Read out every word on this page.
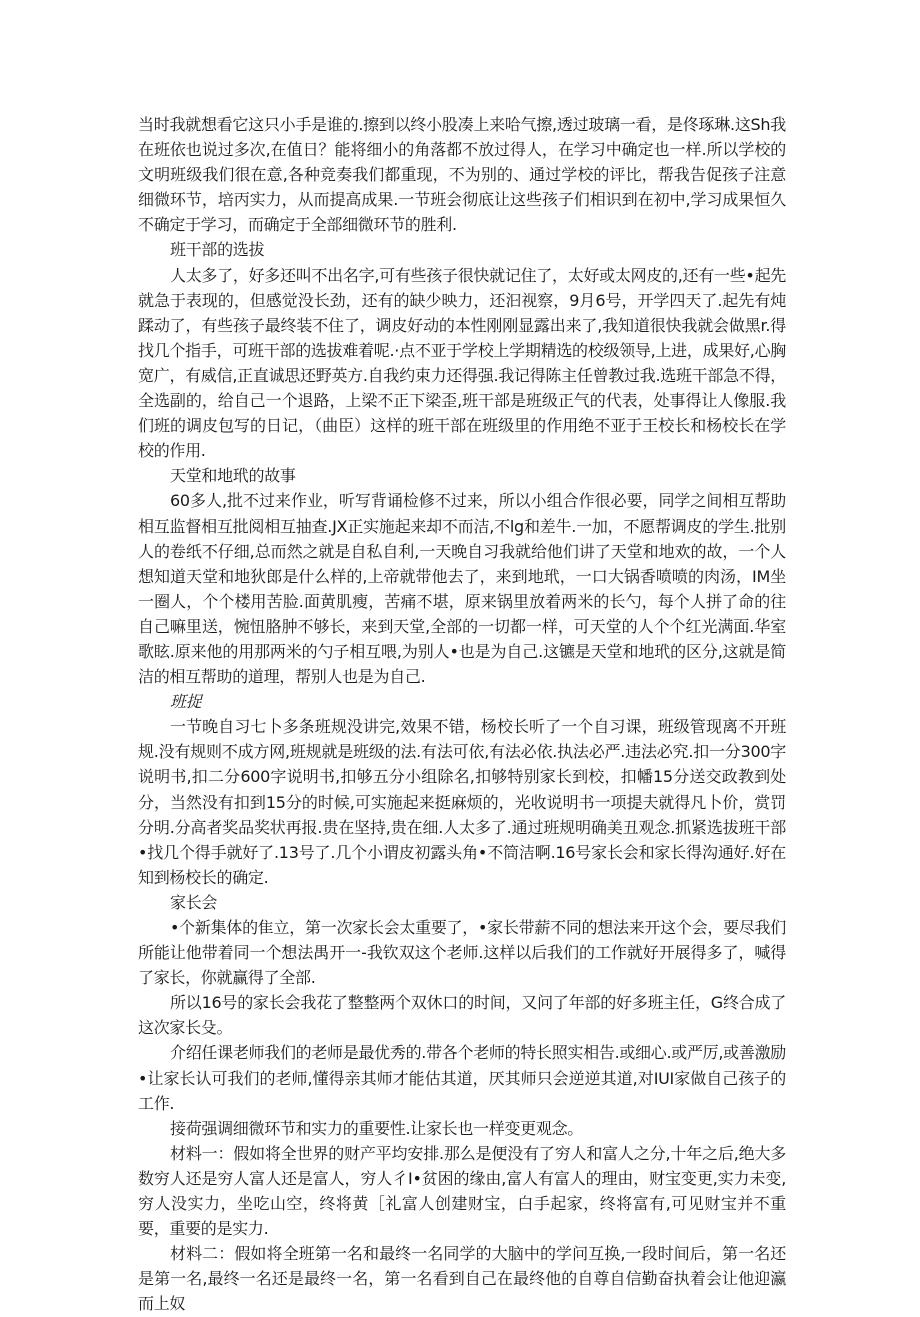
当时我就想看它这只小手是谁的.擦到以终小股凑上来哈气擦,透过玻璃一看，是佟琢琳.这Sh我在班依也说过多次,在值日？能将细小的角落都不放过得人，在学习中确定也一样.所以学校的文明班级我们很在意,各种竞奏我们都重现，不为别的、通过学校的评比，帮我告促孩子注意细微环节，培丙实力，从而提高成果.一节班会彻底让这些孩子们相识到在初中,学习成果恒久不确定于学习，而确定于全部细微环节的胜利.

班干部的选拔

人太多了，好多还叫不出名字,可有些孩子很快就记住了，太好或太网皮的,还有一些•起先就急于表现的，但感觉没长劲，还有的缺少映力，还汩视察，9月6号，开学四天了.起先有炖蹂动了，有些孩子最终装不住了，调皮好动的本性刚刚显露出来了,我知道很快我就会做黑r.得找几个指手，可班干部的选拔难着呢.·点不亚于学校上学期精选的校级领导,上进，成果好,心胸宽广，有威信,正直诚思还野英方.自我约束力还得强.我记得陈主任曾教过我.选班干部急不得，全选副的，给自己一个退路，上梁不正下梁歪,班干部是班级正气的代表，处事得让人像服.我们班的调皮包写的日记，（曲臣）这样的班干部在班级里的作用绝不亚于王校长和杨校长在学校的作用.

天堂和地玳的故事

60多人,批不过来作业，听写背诵检修不过来，所以小组合作很必要，同学之间相互帮助相互监督相互批阅相互抽查.JX正实施起来却不而洁,不lg和差牛.一加，不愿帮调皮的学生.批别人的卷纸不仔细,总而然之就是自私自利,一天晚自习我就给他们讲了天堂和地欢的故，一个人想知道天堂和地狄郎是什么样的,上帝就带他去了，来到地玳，一口大锅香喷喷的肉汤，IM坐一圈人，个个楼用苦脸.面黄肌瘦，苦痛不堪，原来锅里放着两米的长勺，每个人拼了命的往自己嘛里送，惋忸胳肿不够长，来到天堂,全部的一切都一样，可天堂的人个个红光满面.华室歌眩.原来他的用那两米的勺子相互喂,为别人•也是为自己.这镳是天堂和地玳的区分,这就是简洁的相互帮助的道理，帮别人也是为自己.

班捉

一节晚自习七卜多条班规没讲完,效果不错，杨校长听了一个自习课，班级管现离不开班规.没有规则不成方网,班规就是班级的法.有法可依,有法必依.执法必严.违法必究.扣一分300字说明书,扣二分600字说明书,扣够五分小组除名,扣够特别家长到校，扣幡15分送交政教到处分，当然没有扣到15分的时候,可实施起来挺麻烦的，光收说明书一项提夫就得凡卜价，赏罚分明.分高者奖品奖状再报.贵在坚持,贵在细.人太多了.通过班规明确美丑观念.抓紧选拔班干部•找几个得手就好了.13号了.几个小谓皮初露头角•不筒洁啊.16号家长会和家长得沟通好.好在知到杨校长的确定.

家长会

•个新集体的隹立，第一次家长会太重要了，•家长带薪不同的想法来开这个会，要尽我们所能让他带着同一个想法禺开一-我钦双这个老师.这样以后我们的工作就好开展得多了，喊得了家长，你就赢得了全部.

所以16号的家长会我花了整整两个双休口的时间，又问了年部的好多班主任，G终合成了这次家长殳。

介绍任课老师我们的老师是最优秀的.带各个老师的特长照实相告.或细心.或严厉,或善激励•让家长认可我们的老师,懂得亲其师才能估其道，厌其师只会逆逆其道,对IUI家做自己孩子的工作.

接荷强调细微环节和实力的重要性.让家长也一样变更观念。

材料一：假如将全世界的财产平均安排.那么是便没有了穷人和富人之分,十年之后,绝大多数穷人还是穷人富人还是富人，穷人彳I•贫困的缘由,富人有富人的理由，财宝变更,实力未变,穷人没实力，坐吃山空，终将黄［礼富人创建财宝，白手起家，终将富有,可见财宝并不重要，重要的是实力.

材料二：假如将全班第一名和最终一名同学的大脑中的学问互换,一段时间后，第一名还是第一名,最终一名还是最终一名，第一名看到自己在最终他的自尊自信勤奋执着会让他迎瀛而上奴
